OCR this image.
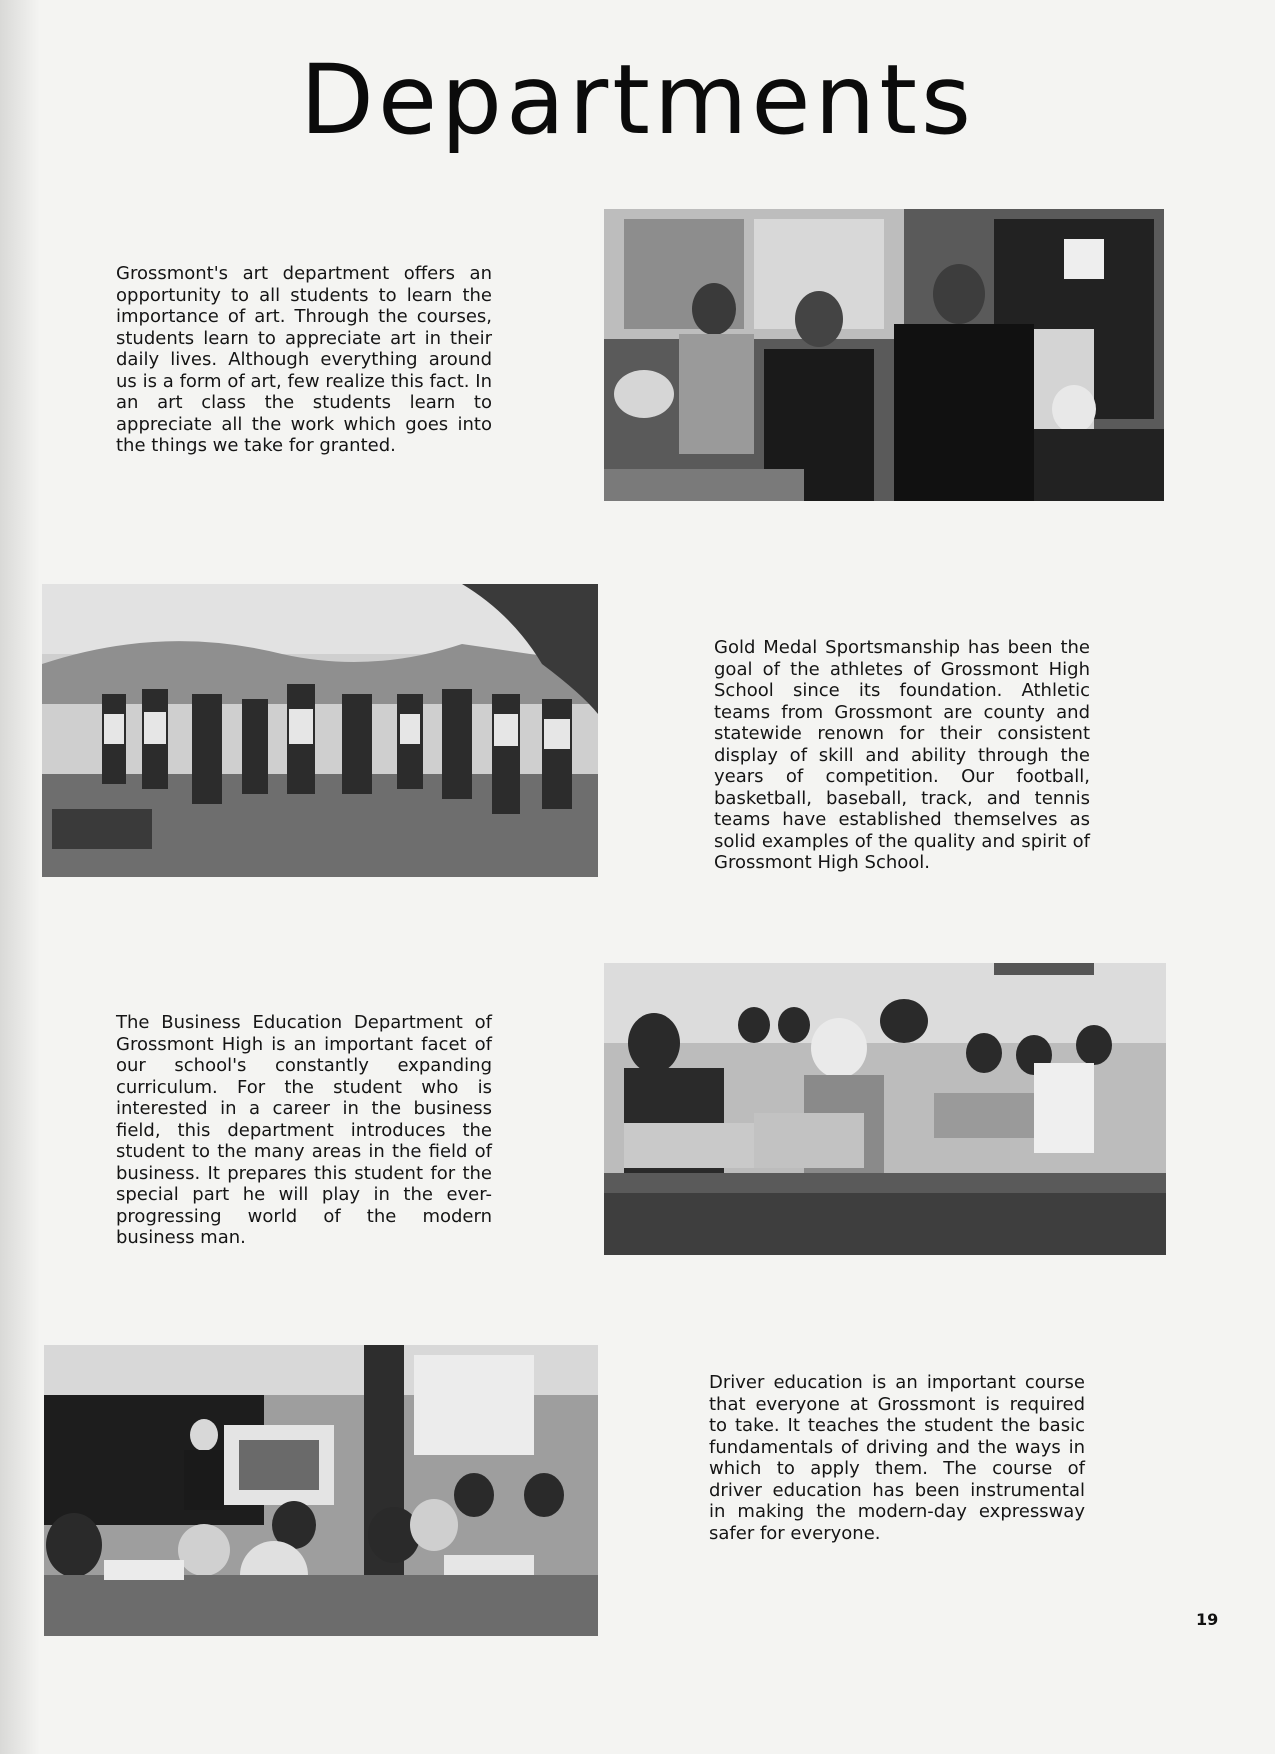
Departments

Grossmont's art department offers an opportunity to all students to learn the importance of art. Through the courses, students learn to appreciate art in their daily lives. Although everything around us is a form of art, few realize this fact. In an art class the students learn to appreciate all the work which goes into the things we take for granted.

Gold Medal Sportsmanship has been the goal of the athletes of Grossmont High School since its foundation. Athletic teams from Grossmont are county and statewide renown for their consistent display of skill and ability through the years of competition. Our football, basketball, baseball, track, and tennis teams have established themselves as solid examples of the quality and spirit of Grossmont High School.

The Business Education Department of Grossmont High is an important facet of our school's constantly expanding curriculum. For the student who is interested in a career in the business field, this department introduces the student to the many areas in the field of business. It prepares this student for the special part he will play in the ever-progressing world of the modern business man.

Driver education is an important course that everyone at Grossmont is required to take. It teaches the student the basic fundamentals of driving and the ways in which to apply them. The course of driver education has been instrumental in making the modern-day expressway safer for everyone.

19
